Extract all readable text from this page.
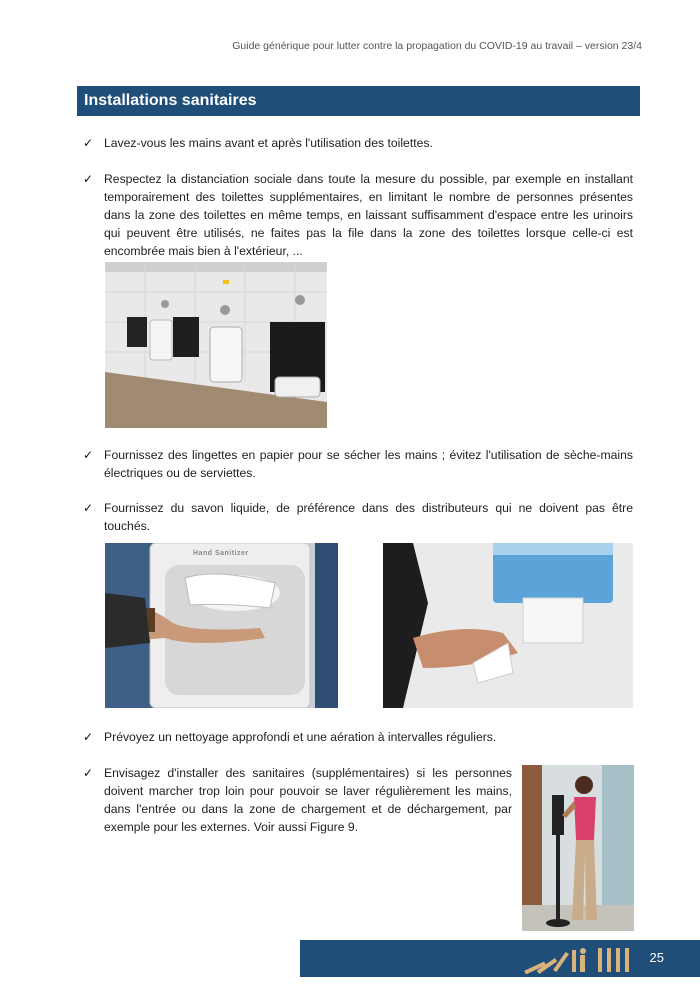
Guide générique pour lutter contre la propagation du COVID-19 au travail – version 23/4
Installations sanitaires
✓ Lavez-vous les mains avant et après l'utilisation des toilettes.
✓ Respectez la distanciation sociale dans toute la mesure du possible, par exemple en installant temporairement des toilettes supplémentaires, en limitant le nombre de personnes présentes dans la zone des toilettes en même temps, en laissant suffisamment d'espace entre les urinoirs qui peuvent être utilisés, ne faites pas la file dans la zone des toilettes lorsque celle-ci est encombrée mais bien à l'extérieur, ...
✓ Fournissez des lingettes en papier pour se sécher les mains ; évitez l'utilisation de sèche-mains électriques ou de serviettes.
✓ Fournissez du savon liquide, de préférence dans des distributeurs qui ne doivent pas être touchés.
Hand Sanitizer
✓ Prévoyez un nettoyage approfondi et une aération à intervalles réguliers.
✓ Envisagez d'installer des sanitaires (supplémentaires) si les personnes doivent marcher trop loin pour pouvoir se laver régulièrement les mains, dans l'entrée ou dans la zone de chargement et de déchargement, par exemple pour les externes. Voir aussi Figure 9.
25
